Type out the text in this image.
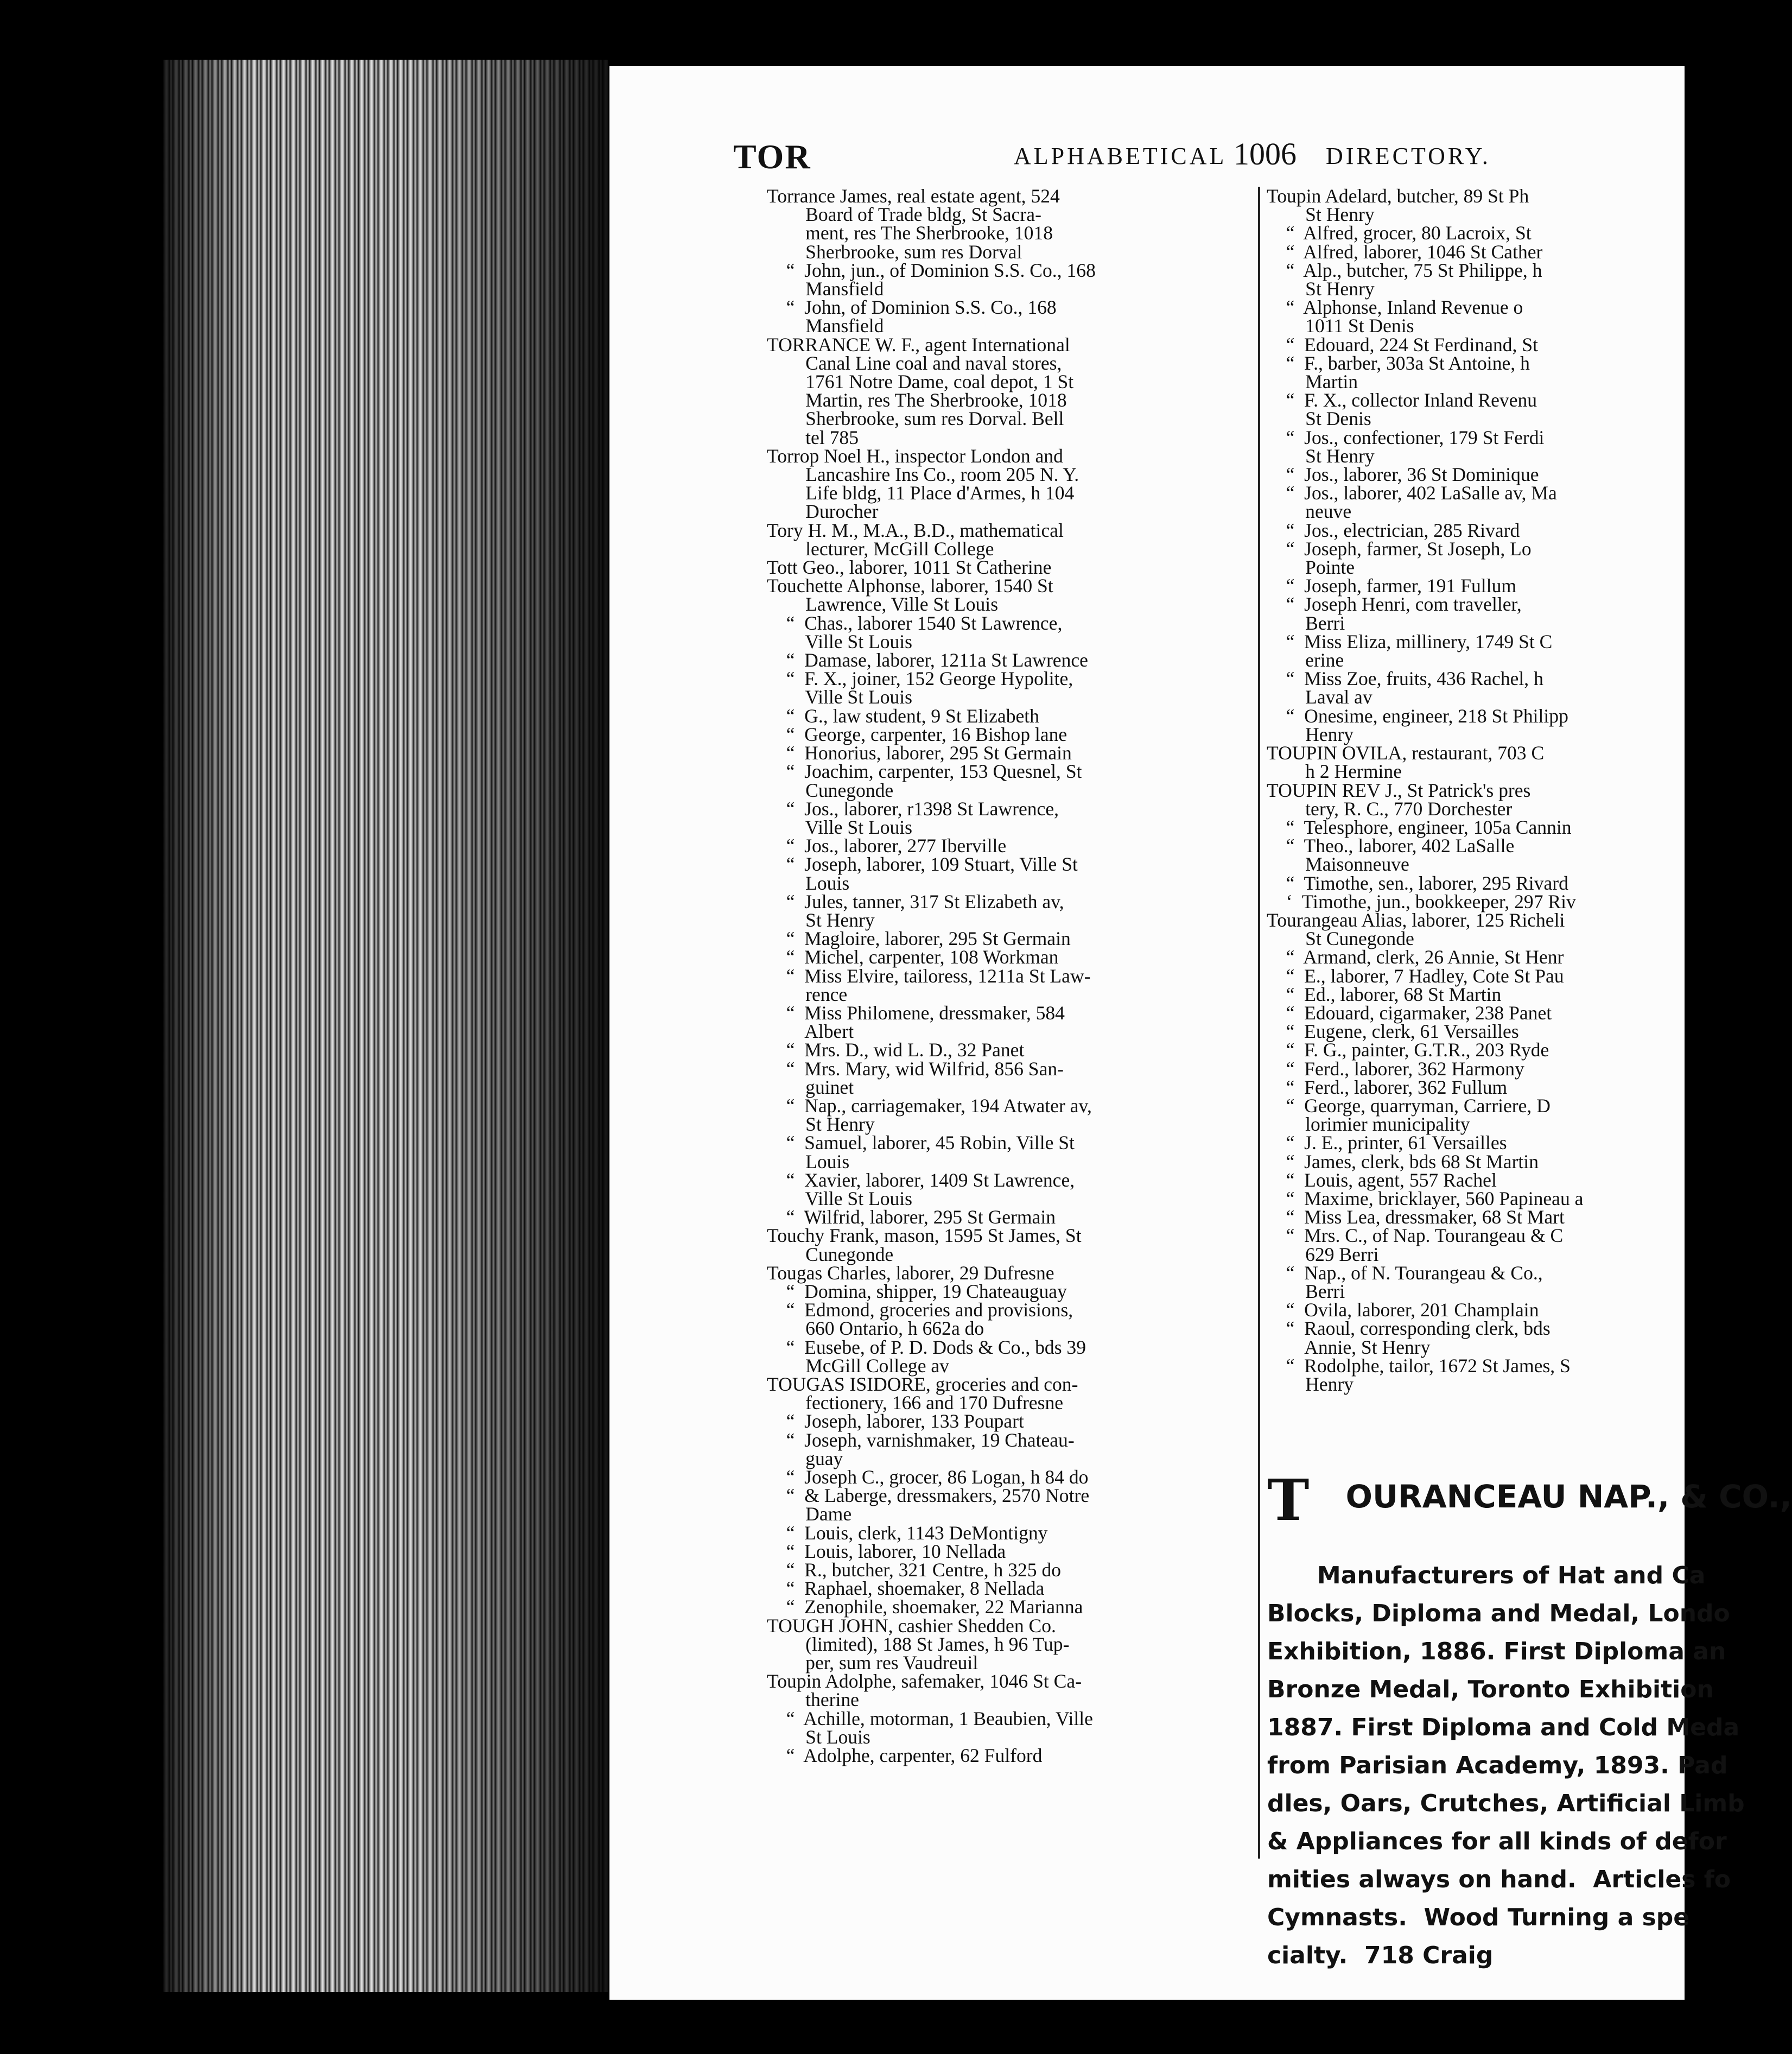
TOR	ALPHABETICAL 1006 DIRECTORY.
Torrance James, real estate agent, 524
Board of Trade bldg, St Sacra-
ment, res The Sherbrooke, 1018
Sherbrooke, sum res Dorval
“  John, jun., of Dominion S.S. Co., 168
Mansfield
“  John, of Dominion S.S. Co., 168
Mansfield
TORRANCE W. F., agent International
Canal Line coal and naval stores,
1761 Notre Dame, coal depot, 1 St
Martin, res The Sherbrooke, 1018
Sherbrooke, sum res Dorval. Bell
tel 785
Torrop Noel H., inspector London and
Lancashire Ins Co., room 205 N. Y.
Life bldg, 11 Place d'Armes, h 104
Durocher
Tory H. M., M.A., B.D., mathematical
lecturer, McGill College
Tott Geo., laborer, 1011 St Catherine
Touchette Alphonse, laborer, 1540 St
Lawrence, Ville St Louis
“  Chas., laborer 1540 St Lawrence,
Ville St Louis
“  Damase, laborer, 1211a St Lawrence
“  F. X., joiner, 152 George Hypolite,
Ville St Louis
“  G., law student, 9 St Elizabeth
“  George, carpenter, 16 Bishop lane
“  Honorius, laborer, 295 St Germain
“  Joachim, carpenter, 153 Quesnel, St
Cunegonde
“  Jos., laborer, r1398 St Lawrence,
Ville St Louis
“  Jos., laborer, 277 Iberville
“  Joseph, laborer, 109 Stuart, Ville St
Louis
“  Jules, tanner, 317 St Elizabeth av,
St Henry
“  Magloire, laborer, 295 St Germain
“  Michel, carpenter, 108 Workman
“  Miss Elvire, tailoress, 1211a St Law-
rence
“  Miss Philomene, dressmaker, 584
Albert
“  Mrs. D., wid L. D., 32 Panet
“  Mrs. Mary, wid Wilfrid, 856 San-
guinet
“  Nap., carriagemaker, 194 Atwater av,
St Henry
“  Samuel, laborer, 45 Robin, Ville St
Louis
“  Xavier, laborer, 1409 St Lawrence,
Ville St Louis
“  Wilfrid, laborer, 295 St Germain
Touchy Frank, mason, 1595 St James, St
Cunegonde
Tougas Charles, laborer, 29 Dufresne
“  Domina, shipper, 19 Chateauguay
“  Edmond, groceries and provisions,
660 Ontario, h 662a do
“  Eusebe, of P. D. Dods & Co., bds 39
McGill College av
TOUGAS ISIDORE, groceries and con-
fectionery, 166 and 170 Dufresne
“  Joseph, laborer, 133 Poupart
“  Joseph, varnishmaker, 19 Chateau-
guay
“  Joseph C., grocer, 86 Logan, h 84 do
“  & Laberge, dressmakers, 2570 Notre
Dame
“  Louis, clerk, 1143 DeMontigny
“  Louis, laborer, 10 Nellada
“  R., butcher, 321 Centre, h 325 do
“  Raphael, shoemaker, 8 Nellada
“  Zenophile, shoemaker, 22 Marianna
TOUGH JOHN, cashier Shedden Co.
(limited), 188 St James, h 96 Tup-
per, sum res Vaudreuil
Toupin Adolphe, safemaker, 1046 St Ca-
therine
“  Achille, motorman, 1 Beaubien, Ville
St Louis
“  Adolphe, carpenter, 62 Fulford
Toupin Adelard, butcher, 89 St Ph
St Henry
“  Alfred, grocer, 80 Lacroix, St
“  Alfred, laborer, 1046 St Cather
“  Alp., butcher, 75 St Philippe, h
St Henry
“  Alphonse, Inland Revenue o
1011 St Denis
“  Edouard, 224 St Ferdinand, St
“  F., barber, 303a St Antoine, h
Martin
“  F. X., collector Inland Revenu
St Denis
“  Jos., confectioner, 179 St Ferdi
St Henry
“  Jos., laborer, 36 St Dominique
“  Jos., laborer, 402 LaSalle av, Ma
neuve
“  Jos., electrician, 285 Rivard
“  Joseph, farmer, St Joseph, Lo
Pointe
“  Joseph, farmer, 191 Fullum
“  Joseph Henri, com traveller,
Berri
“  Miss Eliza, millinery, 1749 St C
erine
“  Miss Zoe, fruits, 436 Rachel, h
Laval av
“  Onesime, engineer, 218 St Philipp
Henry
TOUPIN OVILA, restaurant, 703 C
h 2 Hermine
TOUPIN REV J., St Patrick's pres
tery, R. C., 770 Dorchester
“  Telesphore, engineer, 105a Cannin
“  Theo., laborer, 402 LaSalle
Maisonneuve
“  Timothe, sen., laborer, 295 Rivard
‘  Timothe, jun., bookkeeper, 297 Riv
Tourangeau Alias, laborer, 125 Richeli
St Cunegonde
“  Armand, clerk, 26 Annie, St Henr
“  E., laborer, 7 Hadley, Cote St Pau
“  Ed., laborer, 68 St Martin
“  Edouard, cigarmaker, 238 Panet
“  Eugene, clerk, 61 Versailles
“  F. G., painter, G.T.R., 203 Ryde
“  Ferd., laborer, 362 Harmony
“  Ferd., laborer, 362 Fullum
“  George, quarryman, Carriere, D
lorimier municipality
“  J. E., printer, 61 Versailles
“  James, clerk, bds 68 St Martin
“  Louis, agent, 557 Rachel
“  Maxime, bricklayer, 560 Papineau a
“  Miss Lea, dressmaker, 68 St Mart
“  Mrs. C., of Nap. Tourangeau & C
629 Berri
“  Nap., of N. Tourangeau & Co.,
Berri
“  Ovila, laborer, 201 Champlain
“  Raoul, corresponding clerk, bds
Annie, St Henry
“  Rodolphe, tailor, 1672 St James, S
Henry

T OURANCEAU NAP., & CO.,

Manufacturers of Hat and Ca
Blocks, Diploma and Medal, Londo
Exhibition, 1886. First Diploma an
Bronze Medal, Toronto Exhibition
1887. First Diploma and Cold Meda
from Parisian Academy, 1893. Pad
dles, Oars, Crutches, Artificial Limb
& Appliances for all kinds of defor
mities always on hand.  Articles fo
Cymnasts.  Wood Turning a spe
cialty.  718 Craig
